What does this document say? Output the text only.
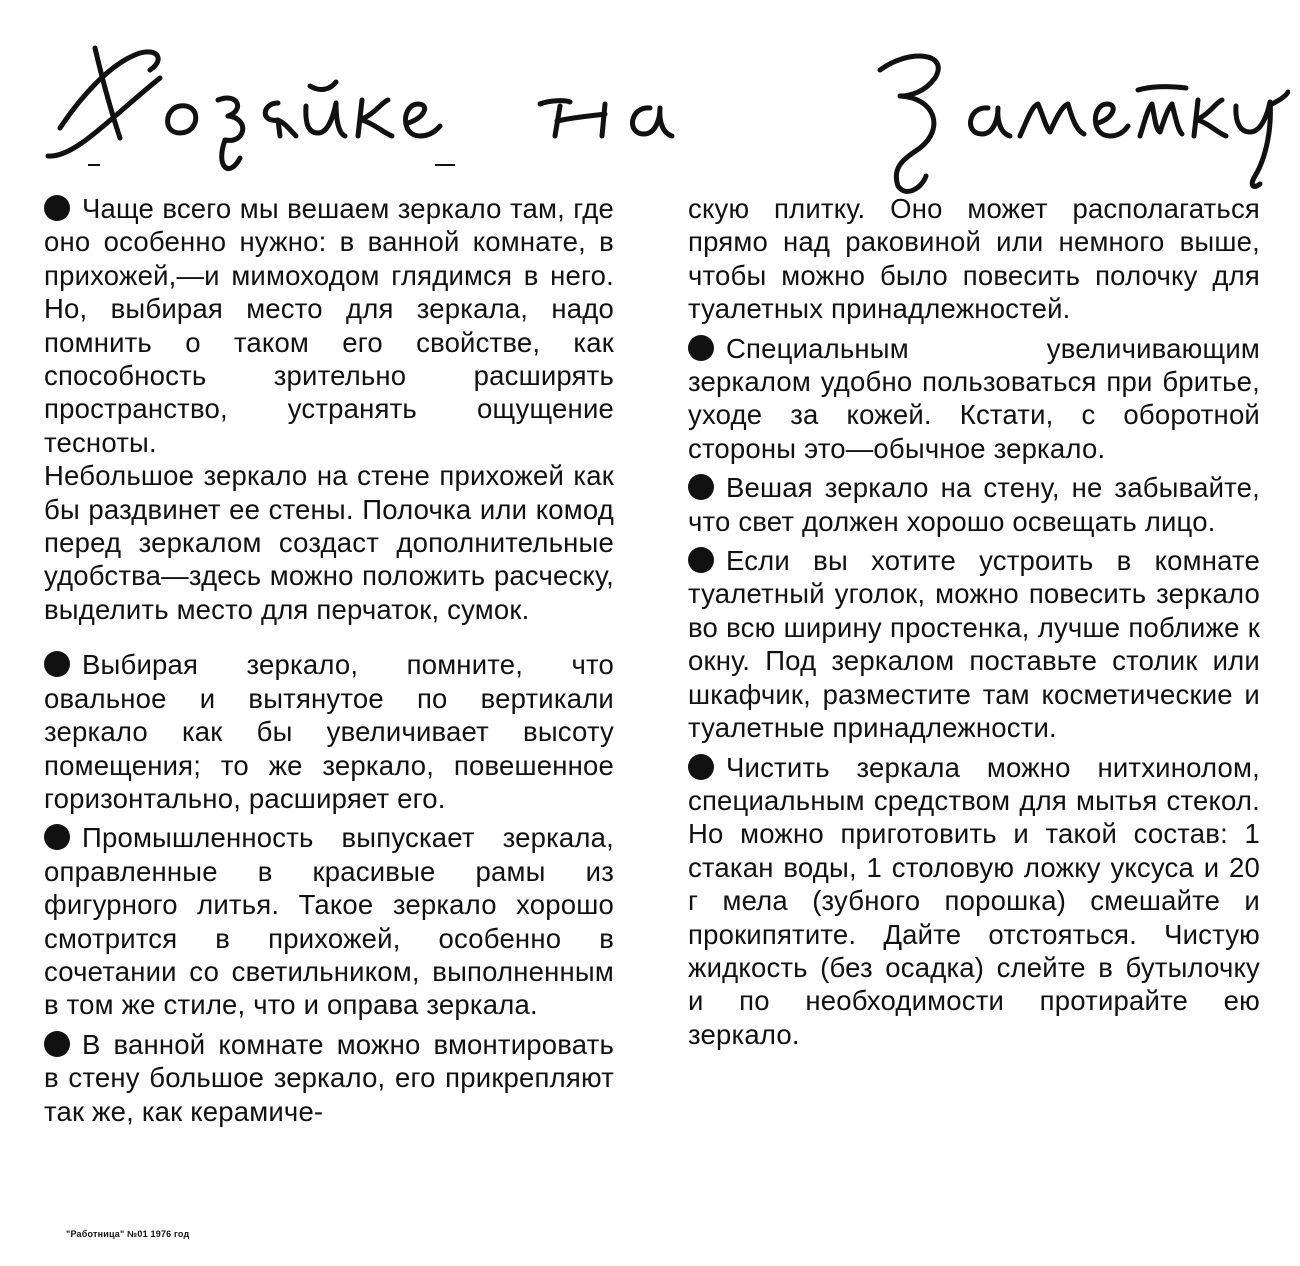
Чаще всего мы вешаем зеркало там, где оно особенно нужно: в ванной комнате, в прихожей,—и мимоходом глядимся в него. Но, выбирая место для зеркала, надо помнить о таком его свойстве, как способность зрительно расширять пространство, устранять ощущение тесноты.

Небольшое зеркало на стене прихожей как бы раздвинет ее стены. Полочка или комод перед зеркалом создаст дополнительные удобства—здесь можно положить расческу, выделить место для перчаток, сумок.

Выбирая зеркало, помните, что овальное и вытянутое по вертикали зеркало как бы увеличивает высоту помещения; то же зеркало, повешенное горизонтально, расширяет его.

Промышленность выпускает зеркала, оправленные в красивые рамы из фигурного литья. Такое зеркало хорошо смотрится в прихожей, особенно в сочетании со светильником, выполненным в том же стиле, что и оправа зеркала.

В ванной комнате можно вмонтировать в стену большое зеркало, его прикрепляют так же, как керамиче-

скую плитку. Оно может располагаться прямо над раковиной или немного выше, чтобы можно было повесить полочку для туалетных принадлежностей.

Специальным увеличивающим зеркалом удобно пользоваться при бритье, уходе за кожей. Кстати, с оборотной стороны это—обычное зеркало.

Вешая зеркало на стену, не забывайте, что свет должен хорошо освещать лицо.

Если вы хотите устроить в комнате туалетный уголок, можно повесить зеркало во всю ширину простенка, лучше поближе к окну. Под зеркалом поставьте столик или шкафчик, разместите там косметические и туалетные принадлежности.

Чистить зеркала можно нитхинолом, специальным средством для мытья стекол. Но можно приготовить и такой состав: 1 стакан воды, 1 столовую ложку уксуса и 20 г мела (зубного порошка) смешайте и прокипятите. Дайте отстояться. Чистую жидкость (без осадка) слейте в бутылочку и по необходимости протирайте ею зеркало.

"Работница" №01 1976 год
